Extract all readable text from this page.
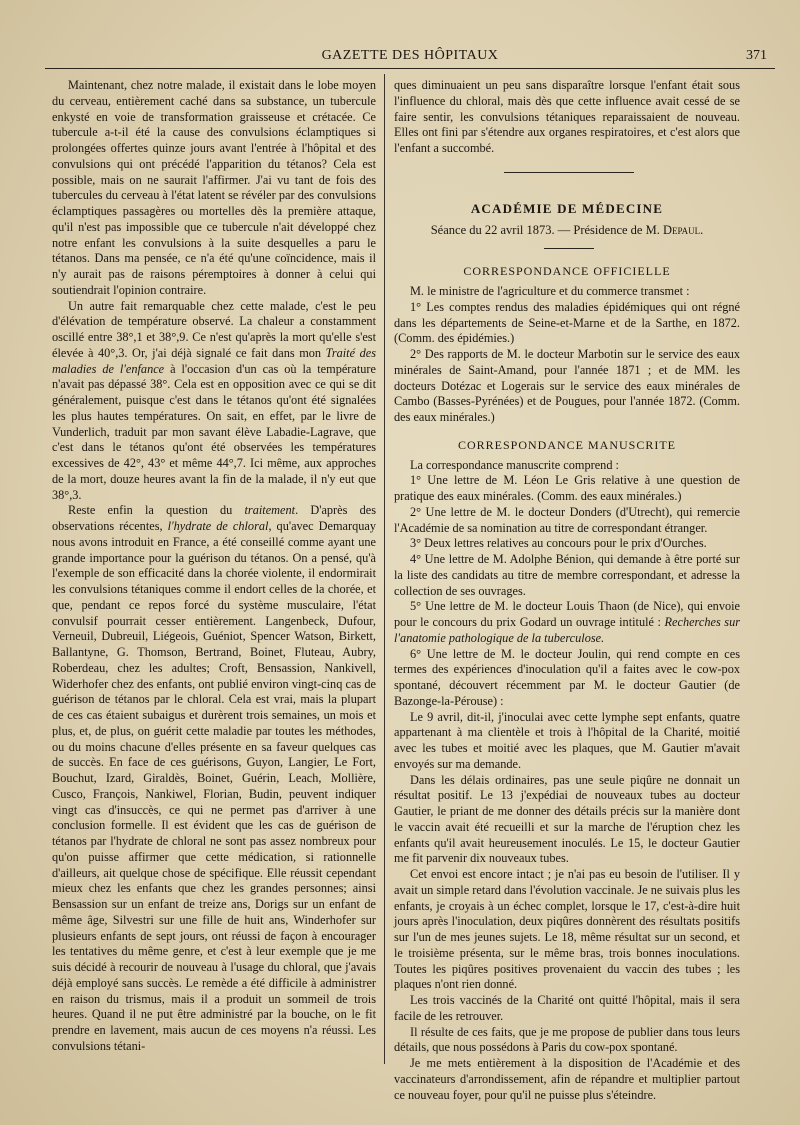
GAZETTE DES HÔPITAUX	371

Maintenant, chez notre malade, il existait dans le lobe moyen du cerveau, entièrement caché dans sa substance, un tubercule enkysté en voie de transformation graisseuse et crétacée. Ce tubercule a-t-il été la cause des convulsions éclamptiques si prolongées offertes quinze jours avant l'entrée à l'hôpital et des convulsions qui ont précédé l'apparition du tétanos? Cela est possible, mais on ne saurait l'affirmer. J'ai vu tant de fois des tubercules du cerveau à l'état latent se révéler par des convulsions éclamptiques passagères ou mortelles dès la première attaque, qu'il n'est pas impossible que ce tubercule n'ait développé chez notre enfant les convulsions à la suite desquelles a paru le tétanos. Dans ma pensée, ce n'a été qu'une coïncidence, mais il n'y aurait pas de raisons péremptoires à donner à celui qui soutiendrait l'opinion contraire.

Un autre fait remarquable chez cette malade, c'est le peu d'élévation de température observé. La chaleur a constamment oscillé entre 38°,1 et 38°,9. Ce n'est qu'après la mort qu'elle s'est élevée à 40°,3. Or, j'ai déjà signalé ce fait dans mon Traité des maladies de l'enfance à l'occasion d'un cas où la température n'avait pas dépassé 38°. Cela est en opposition avec ce qui se dit généralement, puisque c'est dans le tétanos qu'ont été signalées les plus hautes températures. On sait, en effet, par le livre de Vunderlich, traduit par mon savant élève Labadie-Lagrave, que c'est dans le tétanos qu'ont été observées les températures excessives de 42°, 43° et même 44°,7. Ici même, aux approches de la mort, douze heures avant la fin de la malade, il n'y eut que 38°,3.

Reste enfin la question du traitement. D'après des observations récentes, l'hydrate de chloral, qu'avec Demarquay nous avons introduit en France, a été conseillé comme ayant une grande importance pour la guérison du tétanos. On a pensé, qu'à l'exemple de son efficacité dans la chorée violente, il endormirait les convulsions tétaniques comme il endort celles de la chorée, et que, pendant ce repos forcé du système musculaire, l'état convulsif pourrait cesser entièrement. Langenbeck, Dufour, Verneuil, Dubreuil, Liégeois, Guéniot, Spencer Watson, Birkett, Ballantyne, G. Thomson, Bertrand, Boinet, Fluteau, Aubry, Roberdeau, chez les adultes; Croft, Bensassion, Nankivell, Widerhofer chez des enfants, ont publié environ vingt-cinq cas de guérison de tétanos par le chloral. Cela est vrai, mais la plupart de ces cas étaient subaigus et durèrent trois semaines, un mois et plus, et, de plus, on guérit cette maladie par toutes les méthodes, ou du moins chacune d'elles présente en sa faveur quelques cas de succès. En face de ces guérisons, Guyon, Langier, Le Fort, Bouchut, Izard, Giraldès, Boinet, Guérin, Leach, Mollière, Cusco, François, Nankiwel, Florian, Budin, peuvent indiquer vingt cas d'insuccès, ce qui ne permet pas d'arriver à une conclusion formelle. Il est évident que les cas de guérison de tétanos par l'hydrate de chloral ne sont pas assez nombreux pour qu'on puisse affirmer que cette médication, si rationnelle d'ailleurs, ait quelque chose de spécifique. Elle réussit cependant mieux chez les enfants que chez les grandes personnes; ainsi Bensassion sur un enfant de treize ans, Dorigs sur un enfant de même âge, Silvestri sur une fille de huit ans, Winderhofer sur plusieurs enfants de sept jours, ont réussi de façon à encourager les tentatives du même genre, et c'est à leur exemple que je me suis décidé à recourir de nouveau à l'usage du chloral, que j'avais déjà employé sans succès. Le remède a été difficile à administrer en raison du trismus, mais il a produit un sommeil de trois heures. Quand il ne put être administré par la bouche, on le fit prendre en lavement, mais aucun de ces moyens n'a réussi. Les convulsions tétani-

ques diminuaient un peu sans disparaître lorsque l'enfant était sous l'influence du chloral, mais dès que cette influence avait cessé de se faire sentir, les convulsions tétaniques reparaissaient de nouveau. Elles ont fini par s'étendre aux organes respiratoires, et c'est alors que l'enfant a succombé.

ACADÉMIE DE MÉDECINE
Séance du 22 avril 1873. — Présidence de M. Depaul.
CORRESPONDANCE OFFICIELLE

M. le ministre de l'agriculture et du commerce transmet :

1° Les comptes rendus des maladies épidémiques qui ont régné dans les départements de Seine-et-Marne et de la Sarthe, en 1872. (Comm. des épidémies.)

2° Des rapports de M. le docteur Marbotin sur le service des eaux minérales de Saint-Amand, pour l'année 1871 ; et de MM. les docteurs Dotézac et Logerais sur le service des eaux minérales de Cambo (Basses-Pyrénées) et de Pougues, pour l'année 1872. (Comm. des eaux minérales.)

CORRESPONDANCE MANUSCRITE

La correspondance manuscrite comprend :

1° Une lettre de M. Léon Le Gris relative à une question de pratique des eaux minérales. (Comm. des eaux minérales.)

2° Une lettre de M. le docteur Donders (d'Utrecht), qui remercie l'Académie de sa nomination au titre de correspondant étranger.

3° Deux lettres relatives au concours pour le prix d'Ourches.

4° Une lettre de M. Adolphe Bénion, qui demande à être porté sur la liste des candidats au titre de membre correspondant, et adresse la collection de ses ouvrages.

5° Une lettre de M. le docteur Louis Thaon (de Nice), qui envoie pour le concours du prix Godard un ouvrage intitulé : Recherches sur l'anatomie pathologique de la tuberculose.

6° Une lettre de M. le docteur Joulin, qui rend compte en ces termes des expériences d'inoculation qu'il a faites avec le cow-pox spontané, découvert récemment par M. le docteur Gautier (de Bazonge-la-Pérouse) :

Le 9 avril, dit-il, j'inoculai avec cette lymphe sept enfants, quatre appartenant à ma clientèle et trois à l'hôpital de la Charité, moitié avec les tubes et moitié avec les plaques, que M. Gautier m'avait envoyés sur ma demande.

Dans les délais ordinaires, pas une seule piqûre ne donnait un résultat positif. Le 13 j'expédiai de nouveaux tubes au docteur Gautier, le priant de me donner des détails précis sur la manière dont le vaccin avait été recueilli et sur la marche de l'éruption chez les enfants qu'il avait heureusement inoculés. Le 15, le docteur Gautier me fit parvenir dix nouveaux tubes.

Cet envoi est encore intact ; je n'ai pas eu besoin de l'utiliser. Il y avait un simple retard dans l'évolution vaccinale. Je ne suivais plus les enfants, je croyais à un échec complet, lorsque le 17, c'est-à-dire huit jours après l'inoculation, deux piqûres donnèrent des résultats positifs sur l'un de mes jeunes sujets. Le 18, même résultat sur un second, et le troisième présenta, sur le même bras, trois bonnes inoculations. Toutes les piqûres positives provenaient du vaccin des tubes ; les plaques n'ont rien donné.

Les trois vaccinés de la Charité ont quitté l'hôpital, mais il sera facile de les retrouver.

Il résulte de ces faits, que je me propose de publier dans tous leurs détails, que nous possédons à Paris du cow-pox spontané.

Je me mets entièrement à la disposition de l'Académie et des vaccinateurs d'arrondissement, afin de répandre et multiplier partout ce nouveau foyer, pour qu'il ne puisse plus s'éteindre.
